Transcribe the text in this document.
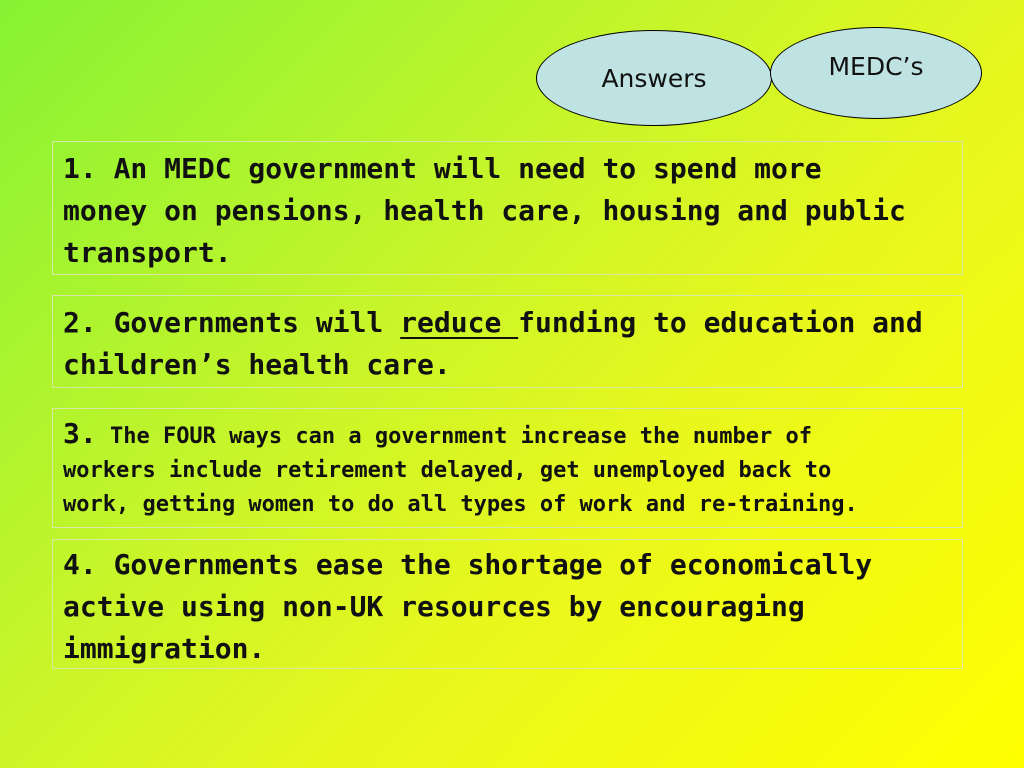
Answers	MEDC’s
1. An MEDC government will need to spend more
money on pensions, health care, housing and public
transport.
2. Governments will reduce funding to education and
children’s health care.
3. The FOUR ways can a government increase the number of
workers include retirement delayed, get unemployed back to
work, getting women to do all types of work and re-training.
4. Governments ease the shortage of economically
active using non-UK resources by encouraging
immigration.
